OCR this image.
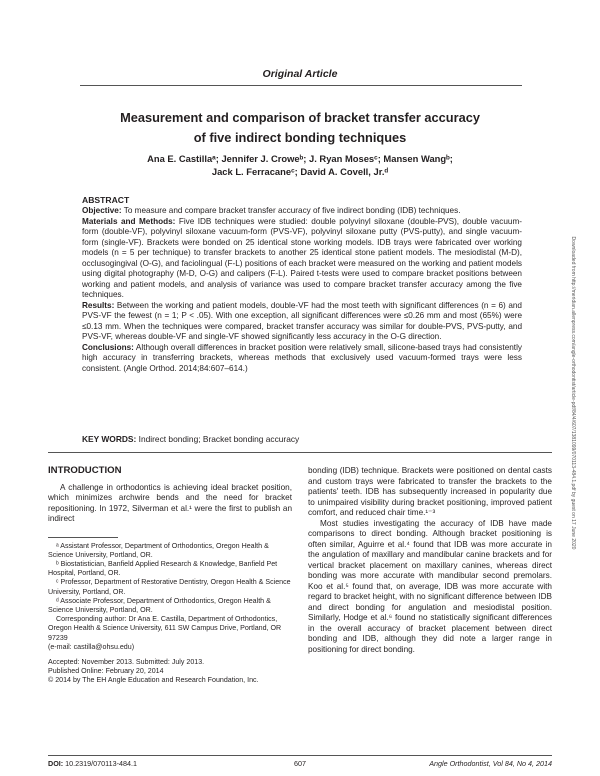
Original Article
Measurement and comparison of bracket transfer accuracy
of five indirect bonding techniques
Ana E. Castillaᵃ; Jennifer J. Croweᵇ; J. Ryan Mosesᶜ; Mansen Wangᵇ;
Jack L. Ferracaneᶜ; David A. Covell, Jr.ᵈ
ABSTRACT

Objective: To measure and compare bracket transfer accuracy of five indirect bonding (IDB) techniques.

Materials and Methods: Five IDB techniques were studied: double polyvinyl siloxane (double-PVS), double vacuum-form (double-VF), polyvinyl siloxane vacuum-form (PVS-VF), polyvinyl siloxane putty (PVS-putty), and single vacuum-form (single-VF). Brackets were bonded on 25 identical stone working models. IDB trays were fabricated over working models (n = 5 per technique) to transfer brackets to another 25 identical stone patient models. The mesiodistal (M-D), occlusogingival (O-G), and faciolingual (F-L) positions of each bracket were measured on the working and patient models using digital photography (M-D, O-G) and calipers (F-L). Paired t-tests were used to compare bracket positions between working and patient models, and analysis of variance was used to compare bracket transfer accuracy among the five techniques.

Results: Between the working and patient models, double-VF had the most teeth with significant differences (n = 6) and PVS-VF the fewest (n = 1; P < .05). With one exception, all significant differences were ≤0.26 mm and most (65%) were ≤0.13 mm. When the techniques were compared, bracket transfer accuracy was similar for double-PVS, PVS-putty, and PVS-VF, whereas double-VF and single-VF showed significantly less accuracy in the O-G direction.

Conclusions: Although overall differences in bracket position were relatively small, silicone-based trays had consistently high accuracy in transferring brackets, whereas methods that exclusively used vacuum-formed trays were less consistent. (Angle Orthod. 2014;84:607–614.)

KEY WORDS: Indirect bonding; Bracket bonding accuracy
INTRODUCTION

A challenge in orthodontics is achieving ideal bracket position, which minimizes archwire bends and the need for bracket repositioning. In 1972, Silverman et al.¹ were the first to publish an indirect

ᵃ Assistant Professor, Department of Orthodontics, Oregon Health & Science University, Portland, OR.

ᵇ Biostatistician, Banfield Applied Research & Knowledge, Banfield Pet Hospital, Portland, OR.

ᶜ Professor, Department of Restorative Dentistry, Oregon Health & Science University, Portland, OR.

ᵈ Associate Professor, Department of Orthodontics, Oregon Health & Science University, Portland, OR.

Corresponding author: Dr Ana E. Castilla, Department of Orthodontics, Oregon Health & Science University, 611 SW Campus Drive, Portland, OR 97239

(e-mail: castilla@ohsu.edu)
Accepted: November 2013. Submitted: July 2013.
Published Online: February 20, 2014
© 2014 by The EH Angle Education and Research Foundation, Inc.

bonding (IDB) technique. Brackets were positioned on dental casts and custom trays were fabricated to transfer the brackets to the patients' teeth. IDB has subsequently increased in popularity due to unimpaired visibility during bracket positioning, improved patient comfort, and reduced chair time.¹⁻³

Most studies investigating the accuracy of IDB have made comparisons to direct bonding. Although bracket positioning is often similar, Aguirre et al.⁴ found that IDB was more accurate in the angulation of maxillary and mandibular canine brackets and for vertical bracket placement on maxillary canines, whereas direct bonding was more accurate with mandibular second premolars. Koo et al.⁵ found that, on average, IDB was more accurate with regard to bracket height, with no significant difference between IDB and direct bonding for angulation and mesiodistal position. Similarly, Hodge et al.⁶ found no statistically significant differences in the overall accuracy of bracket placement between direct bonding and IDB, although they did note a larger range in positioning for direct bonding.

Downloaded from http://meridian.allenpress.com/angle-orthodontist/article-pdf/84/4/607/1381099/070113-484.1.pdf by guest on 17 June 2020
DOI: 10.2319/070113-484.1	607	Angle Orthodontist, Vol 84, No 4, 2014
